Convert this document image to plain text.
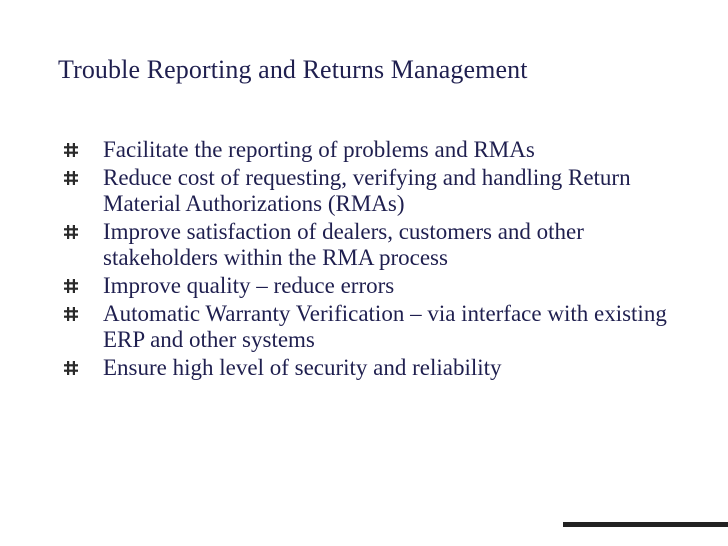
Trouble Reporting and Returns Management
Facilitate the reporting of problems and RMAs
Reduce cost of requesting, verifying and handling Return Material Authorizations (RMAs)
Improve satisfaction of dealers, customers and other stakeholders within the RMA process
Improve quality – reduce errors
Automatic Warranty Verification – via interface with existing ERP and other systems
Ensure high level of security and reliability
